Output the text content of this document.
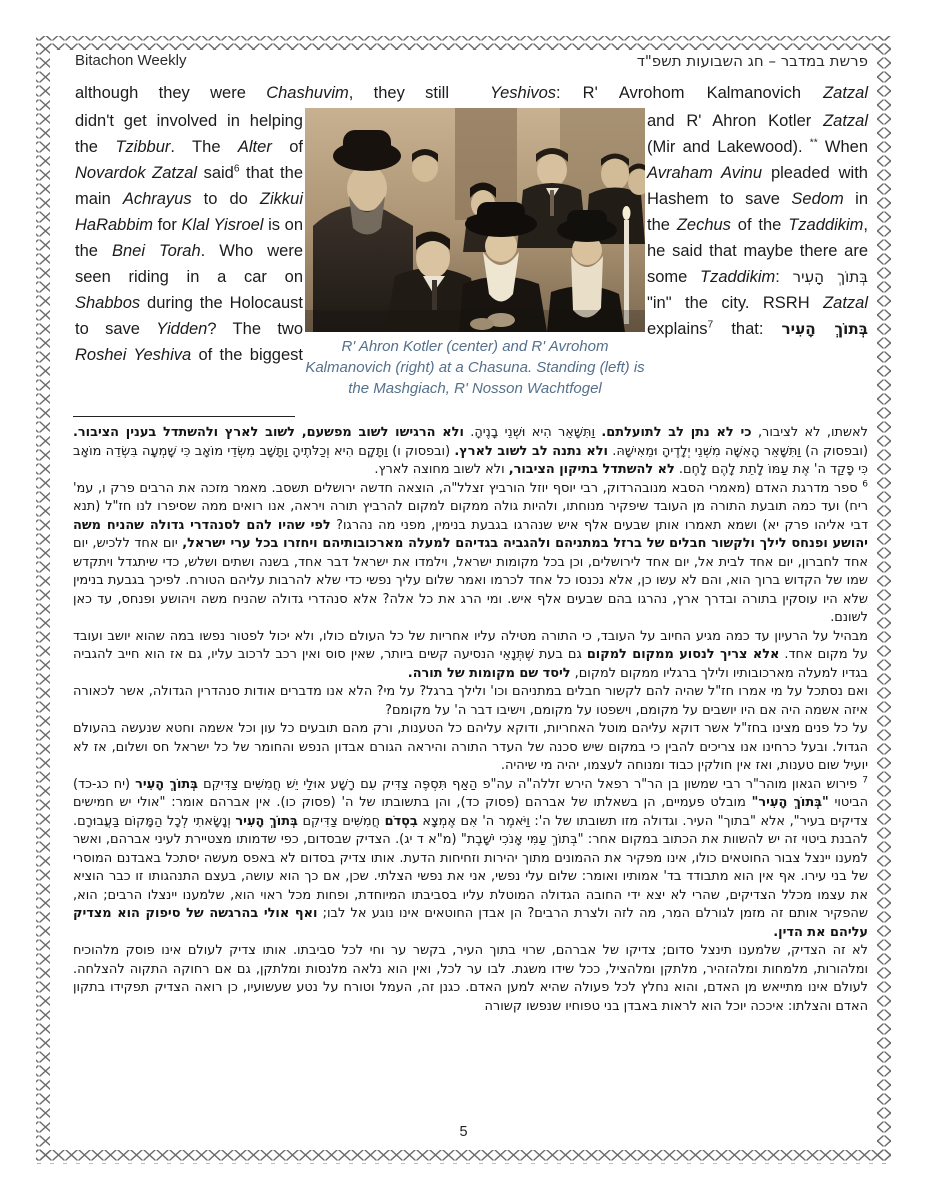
Bitachon Weekly	פרשת במדבר – חג השבועות תשפ"ד
although they were Chashuvim, they still Yeshivos: R' Avrohom Kalmanovich Zatzal
didn't get involved in helping the Tzibbur. The Alter of Novardok Zatzal said$^6$ that the main Achrayus to do Zikkui HaRabbim for Klal Yisroel is on the Bnei Torah. Who were seen riding in a car on Shabbos during the Holocaust to save Yidden? The two Roshei Yeshiva of the biggest	R' Ahron Kotler (center) and R' Avrohom Kalmanovich (right) at a Chasuna. Standing (left) is the Mashgiach, R' Nosson Wachtfogel
and R' Ahron Kotler Zatzal (Mir and Lakewood). ** When Avraham Avinu pleaded with Hashem to save Sedom in the Zechus of the Tzaddikim, he said that maybe there are some Tzaddikim: בְּתוֹךְ הָעִיר "in" the city. RSRH Zatzal explains$^7$ that: בְּתוֹךְ הָעִיר
לאשתו, לא לציבור, כי לא נתן לב לתועלתם. וַתִּשָּׁאֵר הִיא וּשְׁנֵי בָנֶיהָ. ולא הרגישו לשוב מפשעם, לשוב לארץ ולהשתדל בענין הציבור. (ובפסוק ה) וַתִּשָּׁאֵר הָאִשָּׁה מִשְּׁנֵי יְלָדֶיהָ וּמֵאִישָׁהּ. ולא נתנה לב לשוב לארץ. (ובפסוק ו) וַתָּקָם הִיא וְכַלֹּתֶיהָ וַתָּשָׁב מִשְּׂדֵי מוֹאָב כִּי שָׁמְעָה בִּשְׂדֵה מוֹאָב כִּי פָקַד ה' אֶת עַמּוֹ לָתֵת לָהֶם לָחֶם. לא להשתדל בתיקון הציבור, ולא לשוב מחוצה לארץ.
$^6$ ספר מדרגת האדם (מאמרי הסבא מנובהרדוק, רבי יוסף יוזל הורביץ זצלל"ה, הוצאה חדשה ירושלים תשסב. מאמר מזכה את הרבים פרק ו, עמ' ריח) ועד כמה תובעת התורה מן העובד שיפקיר מנוחתו, ולהיות גולה ממקום למקום להרביץ תורה ויראה, אנו רואים ממה שסיפרו לנו חז"ל (תנא דבי אליהו פרק יא) ושמא תאמרו אותן שבעים אלף איש שנהרגו בגבעת בנימין, מפני מה נהרגו? לפי שהיו להם לסנהדרי גדולה שהניח משה יהושע ופנחס לילך ולקשור חבלים של ברזל במתניהם ולהגביה בגדיהם למעלה מארכובותיהם ויחזרו בכל ערי ישראל, יום אחד ללכיש, יום אחד לחברון, יום אחד לבית אל, יום אחד לירושלים, וכן בכל מקומות ישראל, וילמדו את ישראל דבר אחד, בשנה ושתים ושלש, כדי שיתגדל ויתקדש שמו של הקדוש ברוך הוא, והם לא עשו כן, אלא נכנסו כל אחד לכרמו ואמר שלום עליך נפשי כדי שלא להרבות עליהם הטורח. לפיכך בגבעת בנימין שלא היו עוסקין בתורה ובדרך ארץ, נהרגו בהם שבעים אלף איש. ומי הרג את כל אלה? אלא סנהדרי גדולה שהניח משה ויהושע ופנחס, עד כאן לשונם.
מבהיל על הרעיון עד כמה מגיע החיוב על העובד, כי התורה מטילה עליו אחריות של כל העולם כולו, ולא יכול לפטור נפשו במה שהוא יושב ועובד על מקום אחד. אלא צריך לנסוע ממקום למקום גם בעת שֶׁתְּנָאֵי הנסיעה קשים ביותר, שאין סוס ואין רכב לרכוב עליו, גם אז הוא חייב להגביה בגדיו למעלה מארכובותיו ולילך ברגליו ממקום למקום, ליסד שם מקומות של תורה.
ואם נסתכל על מי אמרו חז"ל שהיה להם לקשור חבלים במתניהם וכו' ולילך ברגל? על מי? הלא אנו מדברים אודות סנהדרין הגדולה, אשר לכאורה איזה אשמה היה אם היו יושבים על מקומם, וישפטו על מקומם, וישיבו דבר ה' על מקומם?
על כל פנים מצינו בחז"ל אשר דוקא עליהם מוטל האחריות, ודוקא עליהם כל הטענות, ורק מהם תובעים כל עון וכל אשמה וחטא שנעשה בהעולם הגדול. ובעל כרחינו אנו צריכים להבין כי במקום שיש סכנה של העדר התורה והיראה הגורם אבדון הנפש והחומר של כל ישראל חס ושלום, אז לא יועיל שום טענות, ואז אין חולקין כבוד ומנוחה לעצמו, יהיה מי שיהיה.
$^7$ פירוש הגאון מוהר"ר רבי שמשון בן הר"ר רפאל הירש זללה"ה עה"פ הַאַף תִּסְפֶּה צַדִּיק עִם רָשָׁע אוּלַי יֵשׁ חֲמִשִּׁים צַדִּיקִם בְּתוֹךְ הָעִיר (יח כג-כד) הביטוי "בְּתוֹךְ הָעִיר" מובלט פעמיים, הן בשאלתו של אברהם (פסוק כד), והן בתשובתו של ה' (פסוק כו). אין אברהם אומר: "אולי יש חמישים צדיקים בעיר", אלא "בתוך" העיר. וגדולה מזו תשובתו של ה': וַיֹּאמֶר ה' אִם אֶמְצָא בִסְדֹם חֲמִשִּׁים צַדִּיקִם בְּתוֹךְ הָעִיר וְנָשָׂאתִי לְכָל הַמָּקוֹם בַּעֲבוּרָם. להבנת ביטוי זה יש להשוות את הכתוב במקום אחר: "בְּתוֹךְ עַמִּי אָנֹכִי יֹשָׁבֶת" (מ"א ד יג). הצדיק שבסדום, כפי שדמותו מצטיירת לעיני אברהם, ואשר למענו יינצל צבור החוטאים כולו, אינו מפקיר את ההמונים מתוך יהירות וזחיחות הדעת. אותו צדיק בסדום לא באפס מעשה יסתכל באבדנם המוסרי של בני עירו. אף אין הוא מתבודד בד' אמותיו ואומר: שלום עלי נפשי, אני את נפשי הצלתי. שכן, אם כך הוא עושה, בעצם התנהגותו זו כבר הוציא את עצמו מכלל הצדיקים, שהרי לא יצא ידי החובה הגדולה המוטלת עליו בסביבתו המיוחדת, ופחות מכל ראוי הוא, שלמענו יינצלו הרבים; הוא, שהפקיר אותם זה מזמן לגורלם המר, מה לזה ולצרת הרבים? הן אבדן החוטאים אינו נוגע אל לבו; ואף אולי בהרגשה של סיפוק הוא מצדיק עליהם את הדין.
לא זה הצדיק, שלמענו תינצל סדום; צדיקו של אברהם, שרוי בתוך העיר, בקשר ער וחי לכל סביבתו. אותו צדיק לעולם אינו פוסק מלהוכיח ומלהורות, מלמחות ומלהזהיר, מלתקן ומלהציל, ככל שידו משגת. לבו ער לכל, ואין הוא נלאה מלנסות ומלתקן, גם אם רחוקה התקוה להצלחה. לעולם אינו מתייאש מן האדם, והוא נחלץ לכל פעולה שהיא למען האדם. כגנן זה, העמל וטורח על נטע שעשועיו, כן רואה הצדיק תפקידו בתקון האדם והצלתו: איככה יוכל הוא לראות באבדן בני טפוחיו שנפשו קשורה
5
